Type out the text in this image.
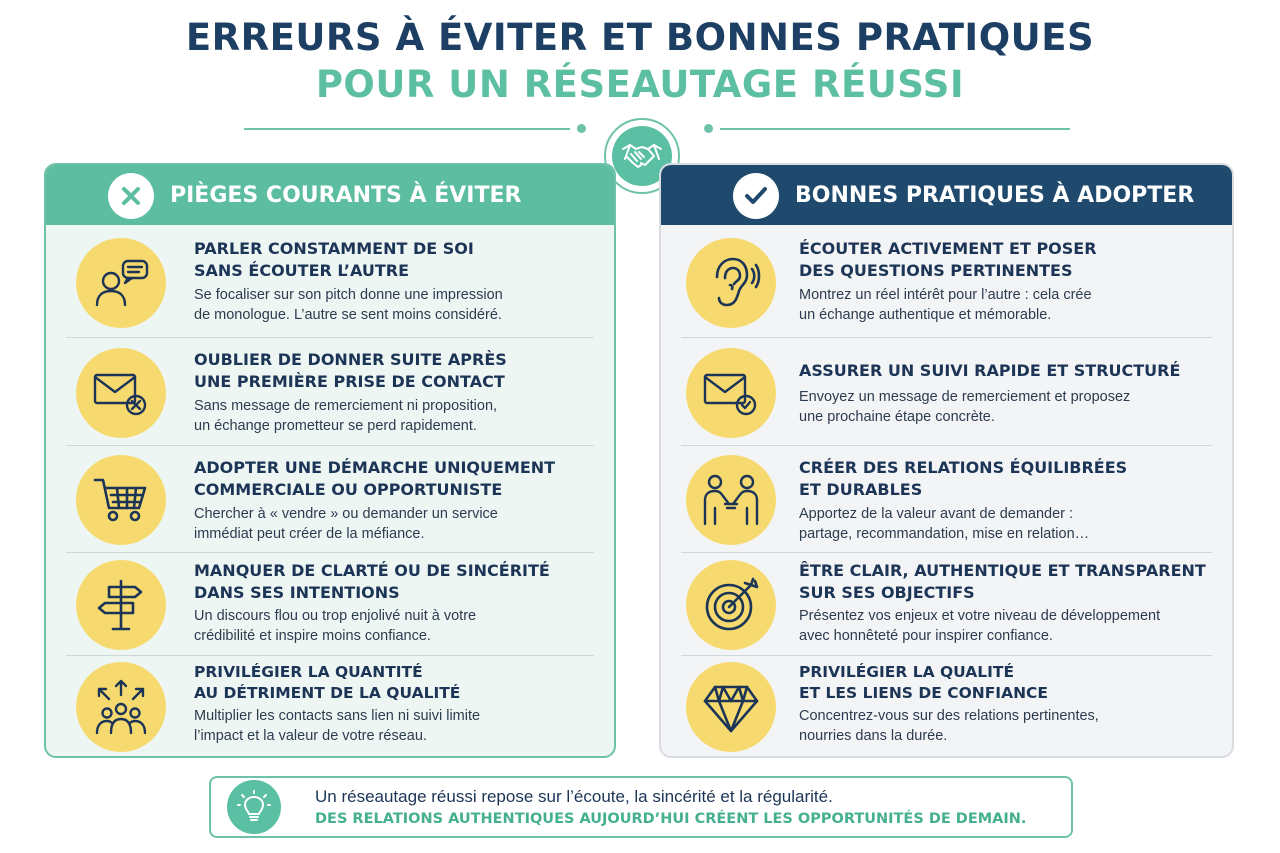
ERREURS À ÉVITER ET BONNES PRATIQUES
POUR UN RÉSEAUTAGE RÉUSSI
PIÈGES COURANTS À ÉVITER
PARLER CONSTAMMENT DE SOI
SANS ÉCOUTER L’AUTRE
Se focaliser sur son pitch donne une impression
de monologue. L’autre se sent moins considéré.
OUBLIER DE DONNER SUITE APRÈS
UNE PREMIÈRE PRISE DE CONTACT
Sans message de remerciement ni proposition,
un échange prometteur se perd rapidement.
ADOPTER UNE DÉMARCHE UNIQUEMENT
COMMERCIALE OU OPPORTUNISTE
Chercher à « vendre » ou demander un service
immédiat peut créer de la méfiance.
MANQUER DE CLARTÉ OU DE SINCÉRITÉ
DANS SES INTENTIONS
Un discours flou ou trop enjolivé nuit à votre
crédibilité et inspire moins confiance.
PRIVILÉGIER LA QUANTITÉ
AU DÉTRIMENT DE LA QUALITÉ
Multiplier les contacts sans lien ni suivi limite
l’impact et la valeur de votre réseau.
BONNES PRATIQUES À ADOPTER
ÉCOUTER ACTIVEMENT ET POSER
DES QUESTIONS PERTINENTES
Montrez un réel intérêt pour l’autre : cela crée
un échange authentique et mémorable.
ASSURER UN SUIVI RAPIDE ET STRUCTURÉ
Envoyez un message de remerciement et proposez
une prochaine étape concrète.
CRÉER DES RELATIONS ÉQUILIBRÉES
ET DURABLES
Apportez de la valeur avant de demander :
partage, recommandation, mise en relation…
ÊTRE CLAIR, AUTHENTIQUE ET TRANSPARENT
SUR SES OBJECTIFS
Présentez vos enjeux et votre niveau de développement
avec honnêteté pour inspirer confiance.
PRIVILÉGIER LA QUALITÉ
ET LES LIENS DE CONFIANCE
Concentrez-vous sur des relations pertinentes,
nourries dans la durée.
Un réseautage réussi repose sur l’écoute, la sincérité et la régularité.
DES RELATIONS AUTHENTIQUES AUJOURD’HUI CRÉENT LES OPPORTUNITÉS DE DEMAIN.
